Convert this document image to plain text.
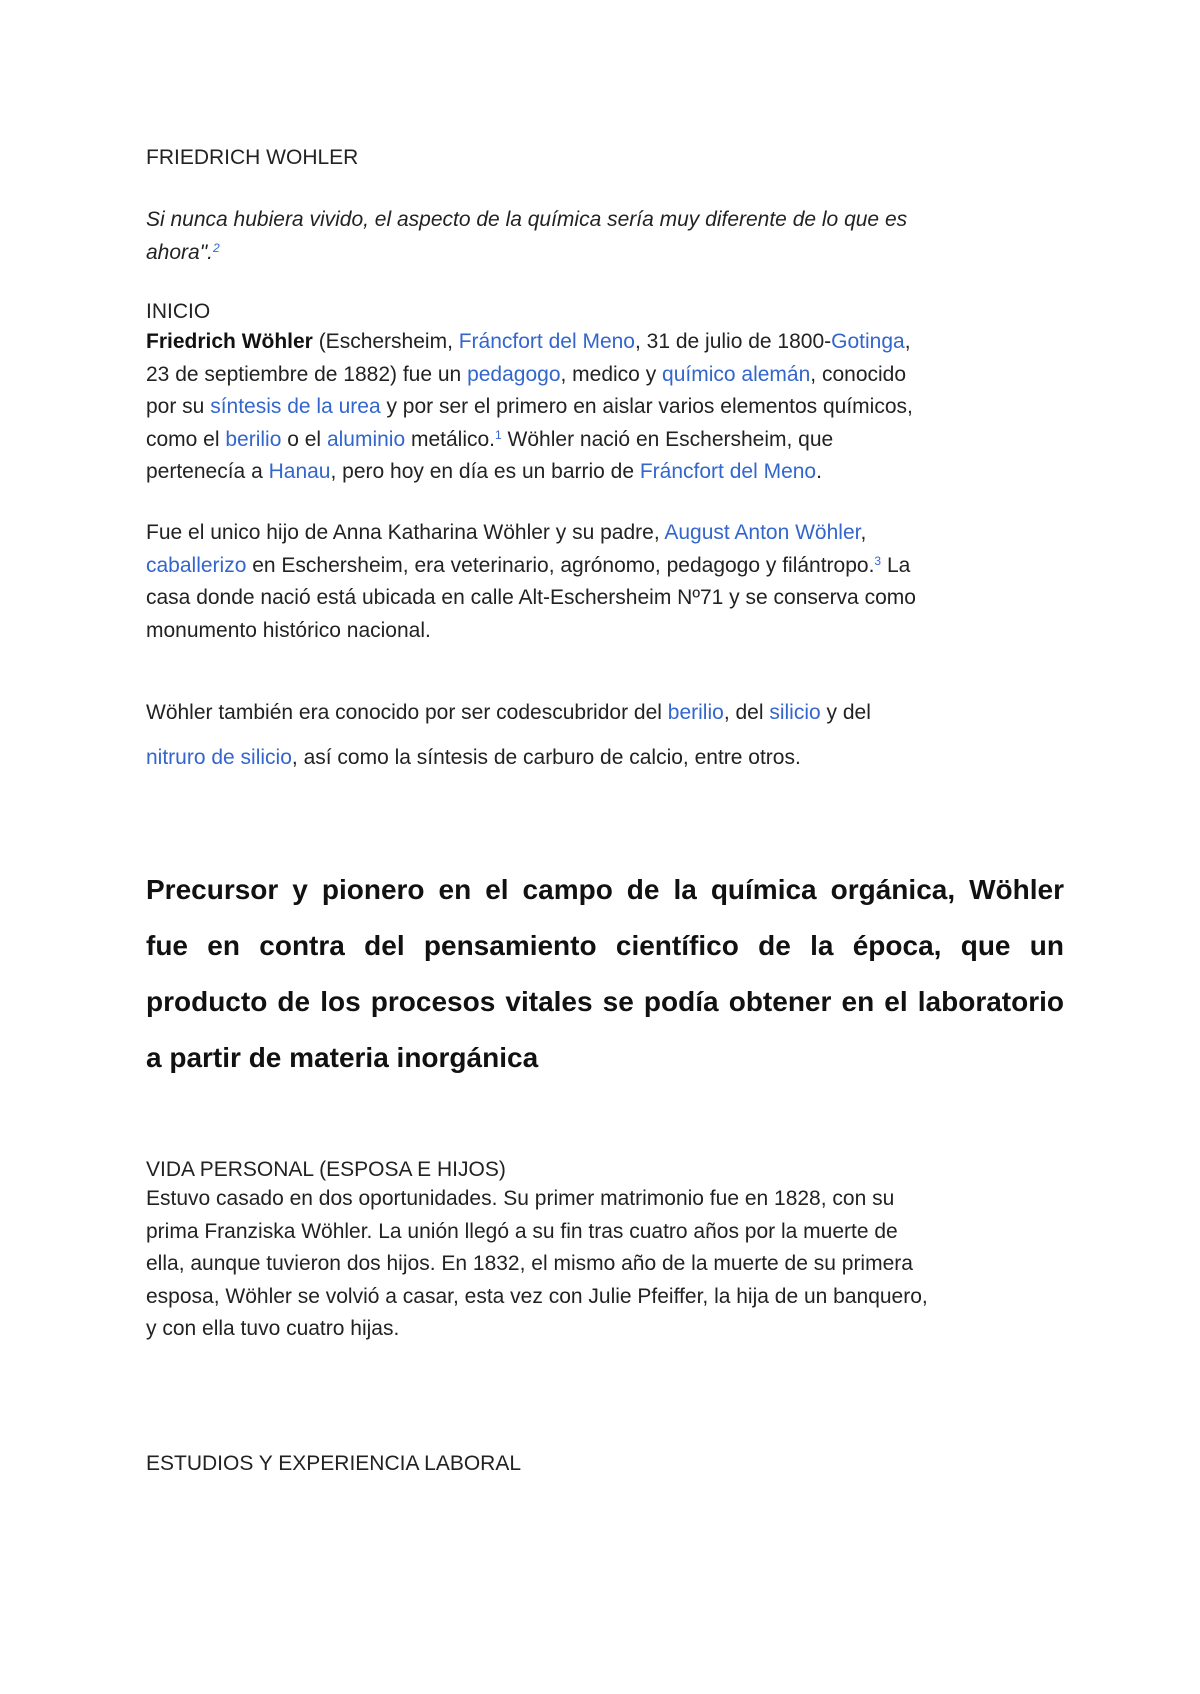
FRIEDRICH WOHLER

Si nunca hubiera vivido, el aspecto de la química sería muy diferente de lo que es
ahora".$^2$

INICIO

Friedrich Wöhler (Eschersheim, Fráncfort del Meno, 31 de julio de 1800-Gotinga,
23 de septiembre de 1882) fue un pedagogo, medico y químico alemán, conocido
por su síntesis de la urea y por ser el primero en aislar varios elementos químicos,
como el berilio o el aluminio metálico.$^1$ Wöhler nació en Eschersheim, que
pertenecía a Hanau, pero hoy en día es un barrio de Fráncfort del Meno.
Fue el unico hijo de Anna Katharina Wöhler y su padre, August Anton Wöhler,
caballerizo en Eschersheim, era veterinario, agrónomo, pedagogo y filántropo.$^3$ La
casa donde nació está ubicada en calle Alt-Eschersheim Nº71 y se conserva como
monumento histórico nacional.
Wöhler también era conocido por ser codescubridor del berilio, del silicio y del
nitruro de silicio, así como la síntesis de carburo de calcio, entre otros.
Precursor y pionero en el campo de la química orgánica, Wöhler
fue en contra del pensamiento científico de la época, que un
producto de los procesos vitales se podía obtener en el laboratorio
a partir de materia inorgánica

VIDA PERSONAL (ESPOSA E HIJOS)

Estuvo casado en dos oportunidades. Su primer matrimonio fue en 1828, con su
prima Franziska Wöhler. La unión llegó a su fin tras cuatro años por la muerte de
ella, aunque tuvieron dos hijos. En 1832, el mismo año de la muerte de su primera
esposa, Wöhler se volvió a casar, esta vez con Julie Pfeiffer, la hija de un banquero,
y con ella tuvo cuatro hijas.

ESTUDIOS Y EXPERIENCIA LABORAL
